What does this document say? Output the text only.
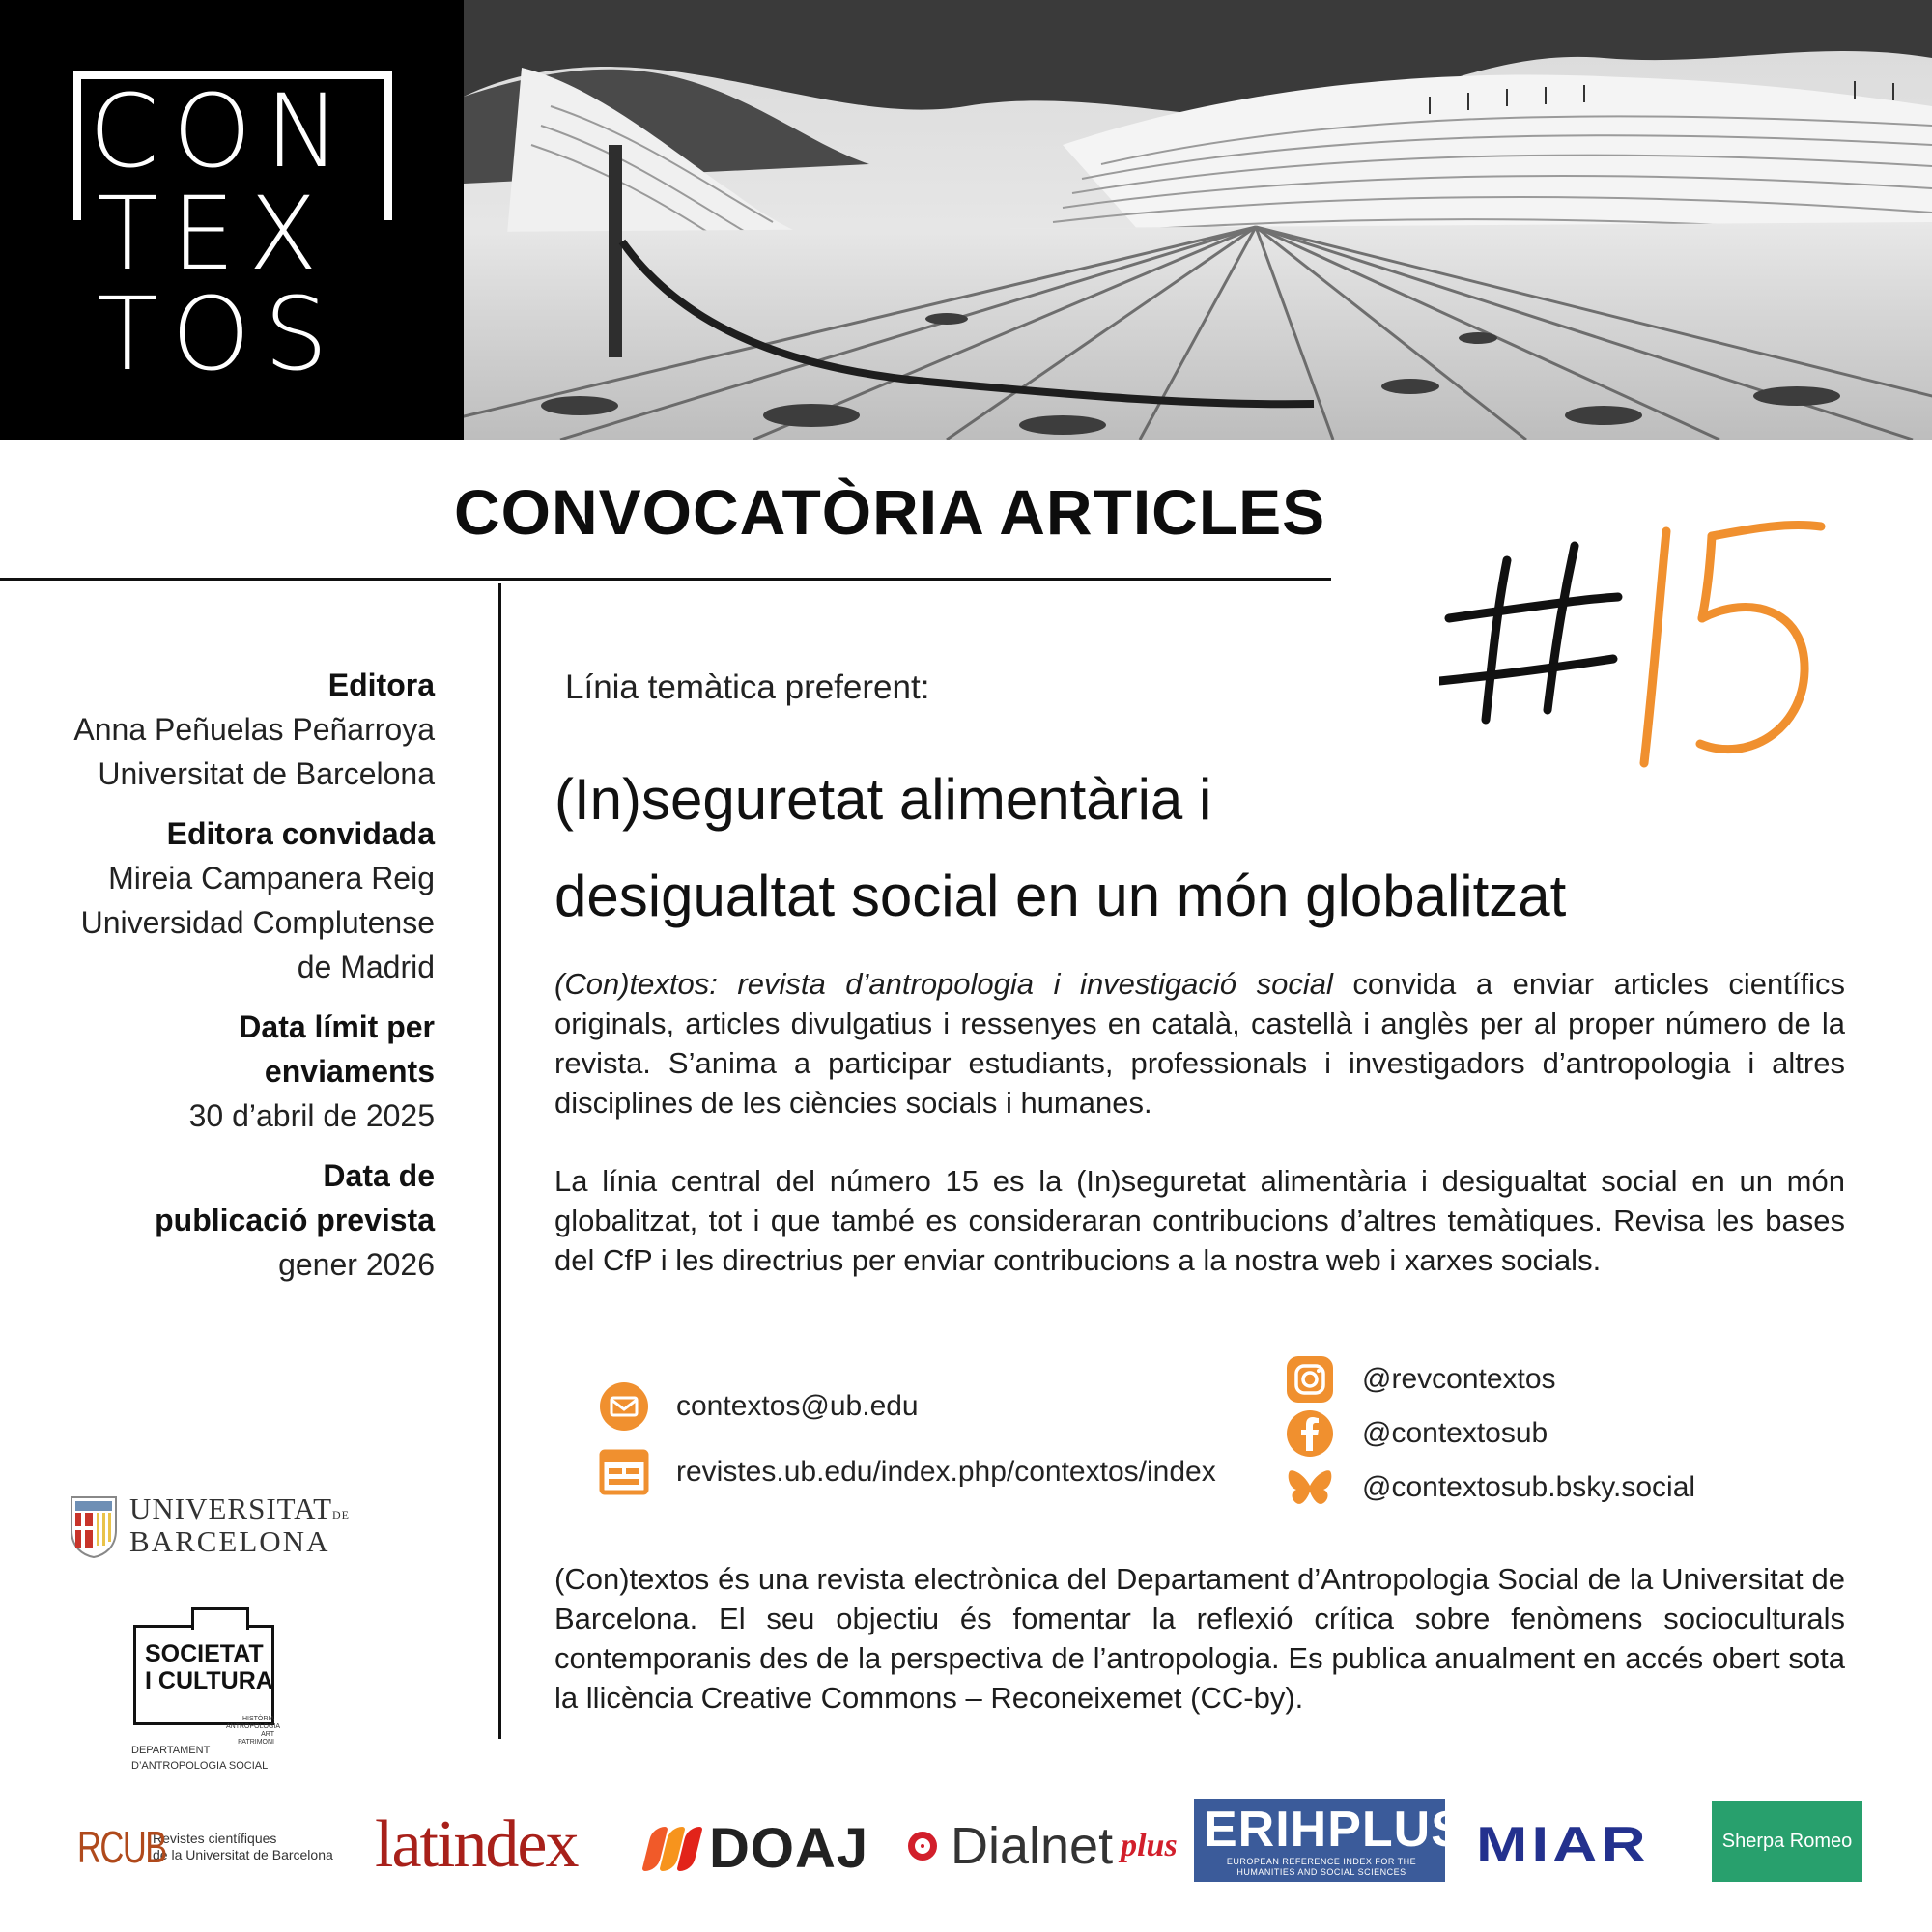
CON
TEX
TOS
CONVOCATÒRIA ARTICLES
Editora
Anna Peñuelas Peñarroya
Universitat de Barcelona
Editora convidada
Mireia Campanera Reig
Universidad Complutense
de Madrid
Data límit per
enviaments
30 d’abril de 2025
Data de
publicació prevista
gener 2026
Línia temàtica preferent:
(In)seguretat alimentària i
desigualtat social en un món globalitzat
(Con)textos: revista d’antropologia i investigació social convida a enviar articles científics originals, articles divulgatius i ressenyes en català, castellà i anglès per al proper número de la revista. S’anima a participar estudiants, professionals i investigadors d’antropologia i altres disciplines de les ciències socials i humanes.
La línia central del número 15 es la (In)seguretat alimentària i desigualtat social en un món globalitzat, tot i que també es consideraran contribucions d’altres temàtiques. Revisa les bases del CfP i les directrius per enviar contribucions a la nostra web i xarxes socials.
contextos@ub.edu
revistes.ub.edu/index.php/contextos/index
@revcontextos
@contextosub
@contextosub.bsky.social
(Con)textos és una revista electrònica del Departament d’Antropologia Social de la Universitat de Barcelona. El seu objectiu és fomentar la reflexió crítica sobre fenòmens socioculturals contemporanis des de la perspectiva de l’antropologia. Es publica anualment en accés obert sota la llicència Creative Commons – Reconeixemet (CC-by).
UNIVERSITATDE
BARCELONA
SOCIETAT
I CULTURA
HISTÒRIA ANTROPOLOGIA ART PATRIMONI
DEPARTAMENT
D’ANTROPOLOGIA SOCIAL
RCUB
Revistes científiques
de la Universitat de Barcelona latindex DOAJ Dialnet plus ERIHPLUS
EUROPEAN REFERENCE INDEX FOR THE HUMANITIES AND SOCIAL SCIENCES
MIAR	Sherpa Romeo
